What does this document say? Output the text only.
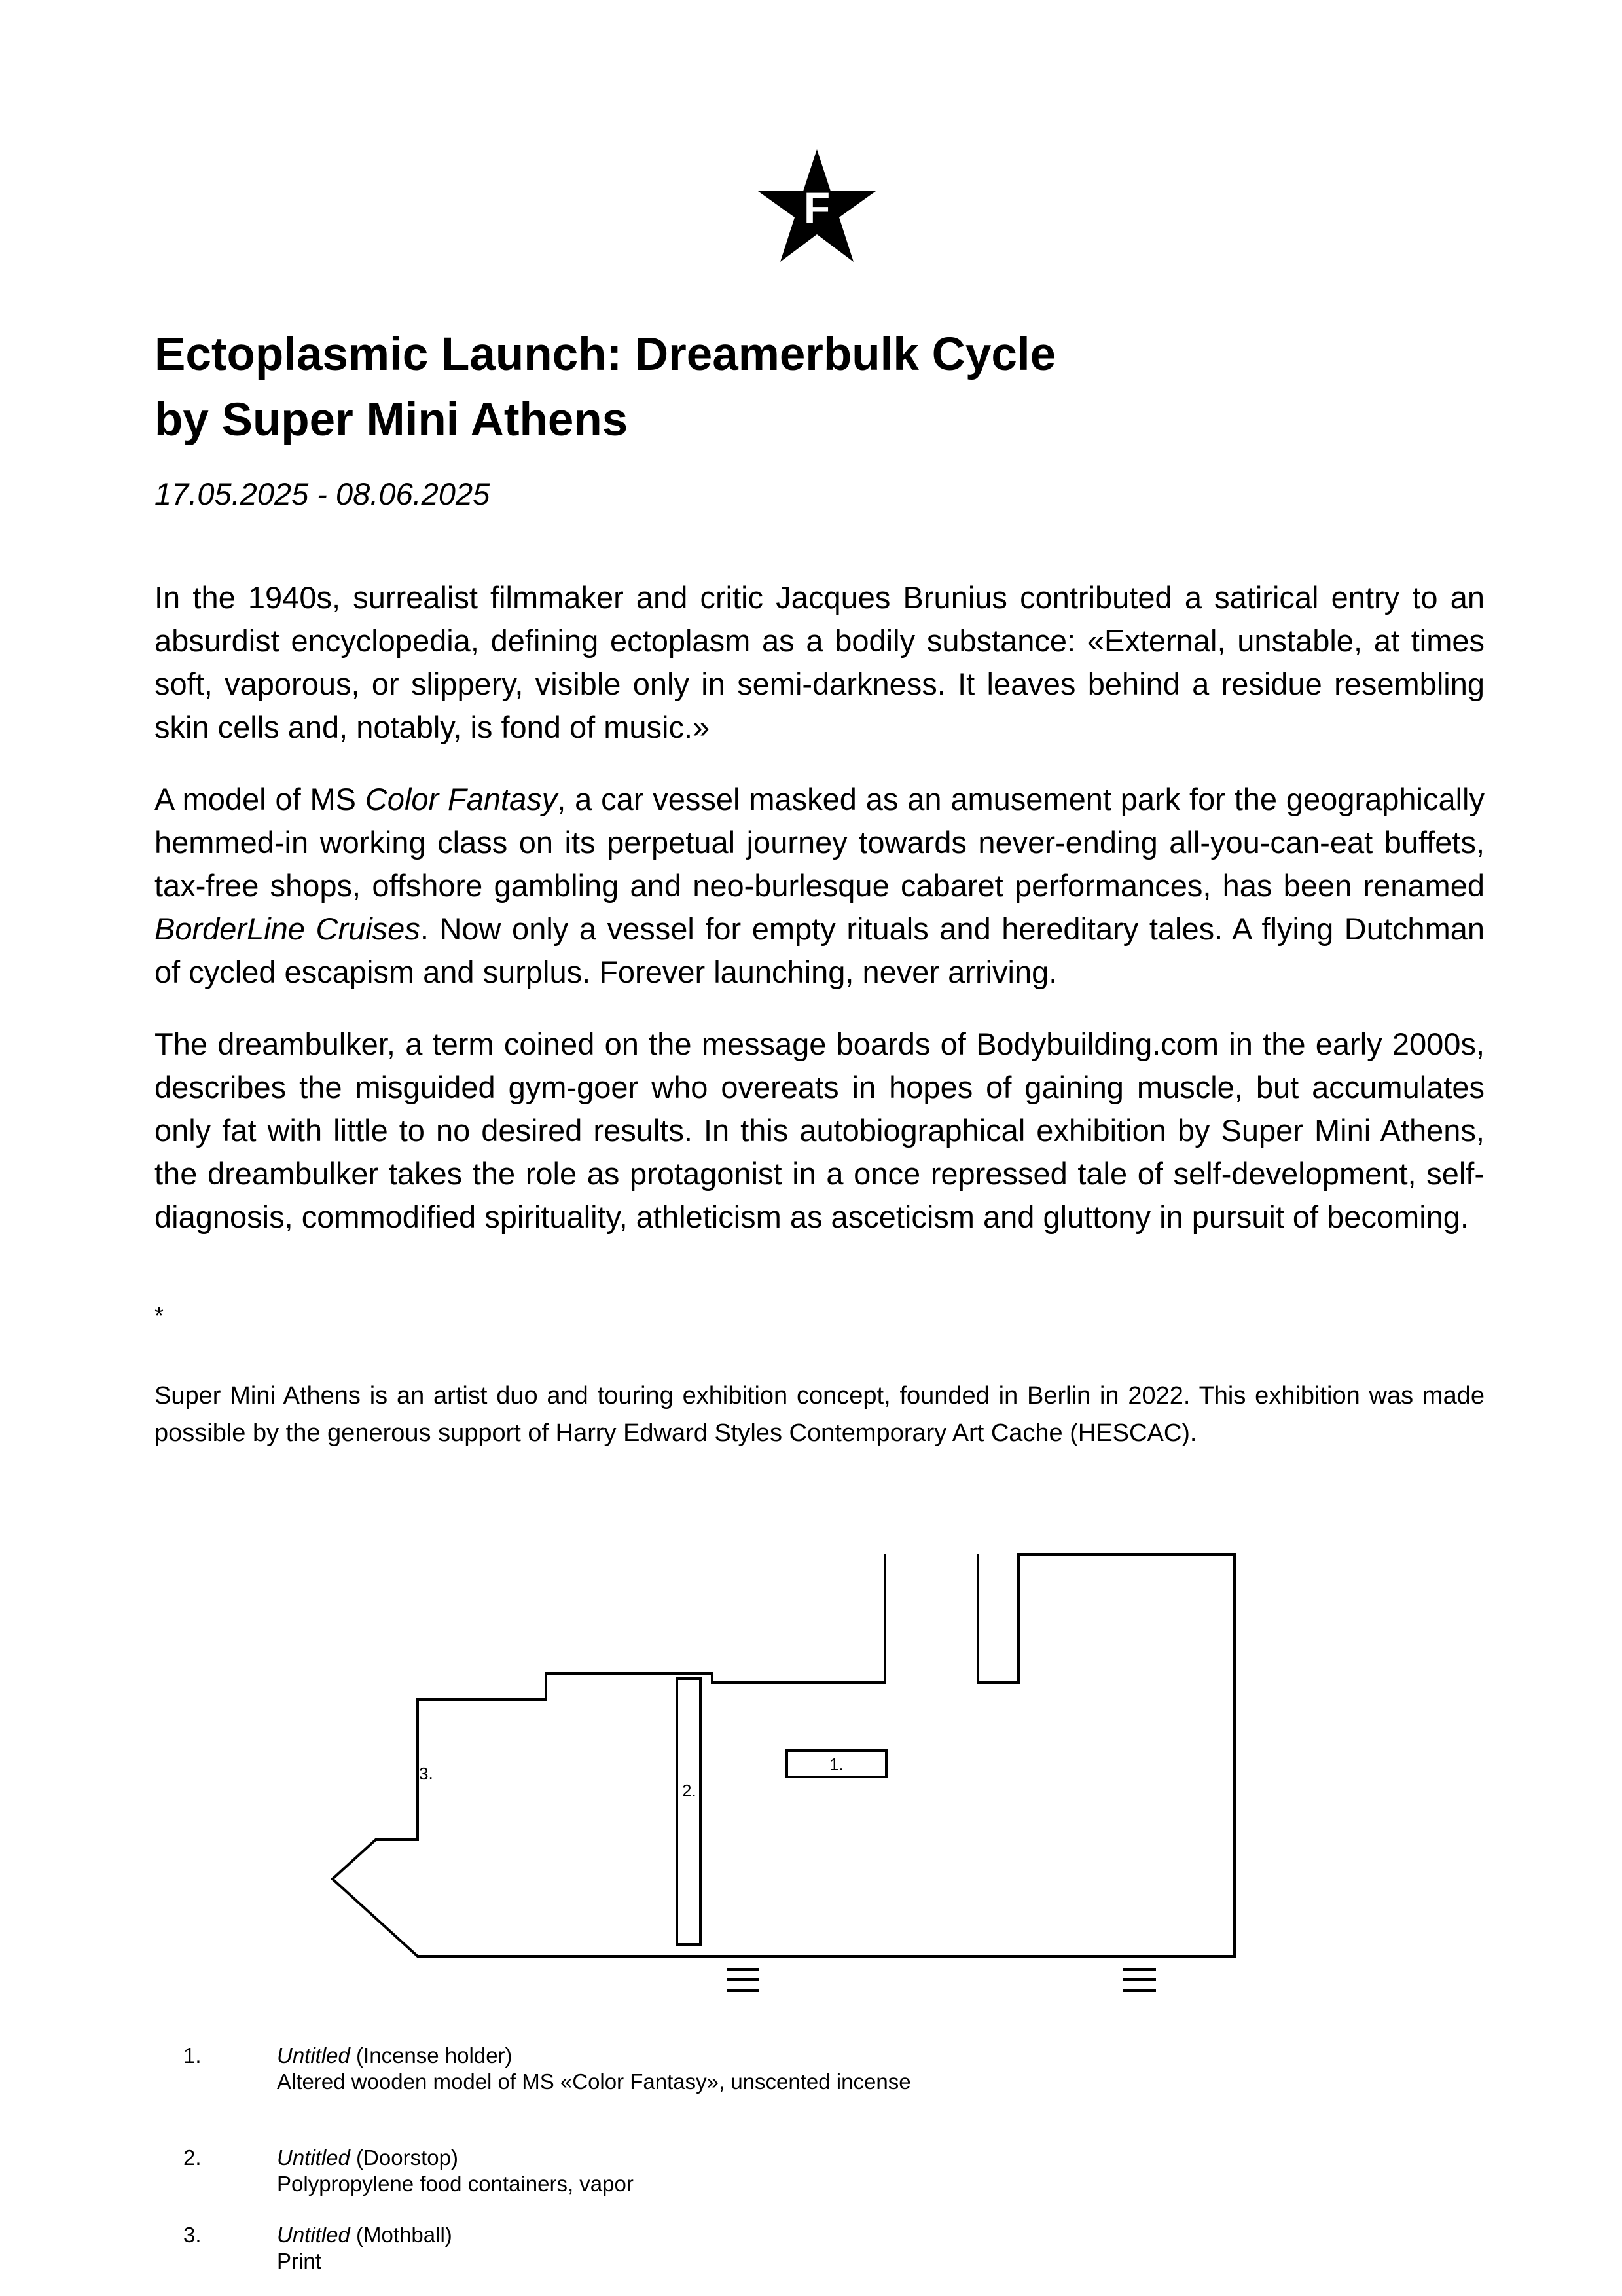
F
Ectoplasmic Launch: Dreamerbulk Cycle
by Super Mini Athens

17.05.2025 - 08.06.2025

In the 1940s, surrealist filmmaker and critic Jacques Brunius contributed a satirical entry to an absurdist encyclopedia, defining ectoplasm as a bodily substance: «External, unstable, at times soft, vaporous, or slippery, visible only in semi-darkness. It leaves behind a residue resembling skin cells and, notably, is fond of music.»

A model of MS Color Fantasy, a car vessel masked as an amusement park for the geographically hemmed-in working class on its perpetual journey towards never-ending all-you-can-eat buffets, tax-free shops, offshore gambling and neo-burlesque cabaret performances, has been renamed BorderLine Cruises. Now only a vessel for empty rituals and hereditary tales. A flying Dutchman of cycled escapism and surplus. Forever launching, never arriving.

The dreambulker, a term coined on the message boards of Bodybuilding.com in the early 2000s, describes the misguided gym-goer who overeats in hopes of gaining muscle, but accumulates only fat with little to no desired results. In this autobiographical exhibition by Super Mini Athens, the dreambulker takes the role as protagonist in a once repressed tale of self-development, self-diagnosis, commodified spirituality, athleticism as asceticism and gluttony in pursuit of becoming.

*

Super Mini Athens is an artist duo and touring exhibition concept, founded in Berlin in 2022. This exhibition was made possible by the generous support of Harry Edward Styles Contemporary Art Cache (HESCAC).

1.
2.
3.
1.	Untitled (Incense holder)
Altered wooden model of MS «Color Fantasy», unscented incense
2.	Untitled (Doorstop)
Polypropylene food containers, vapor
3.	Untitled (Mothball)
Print
